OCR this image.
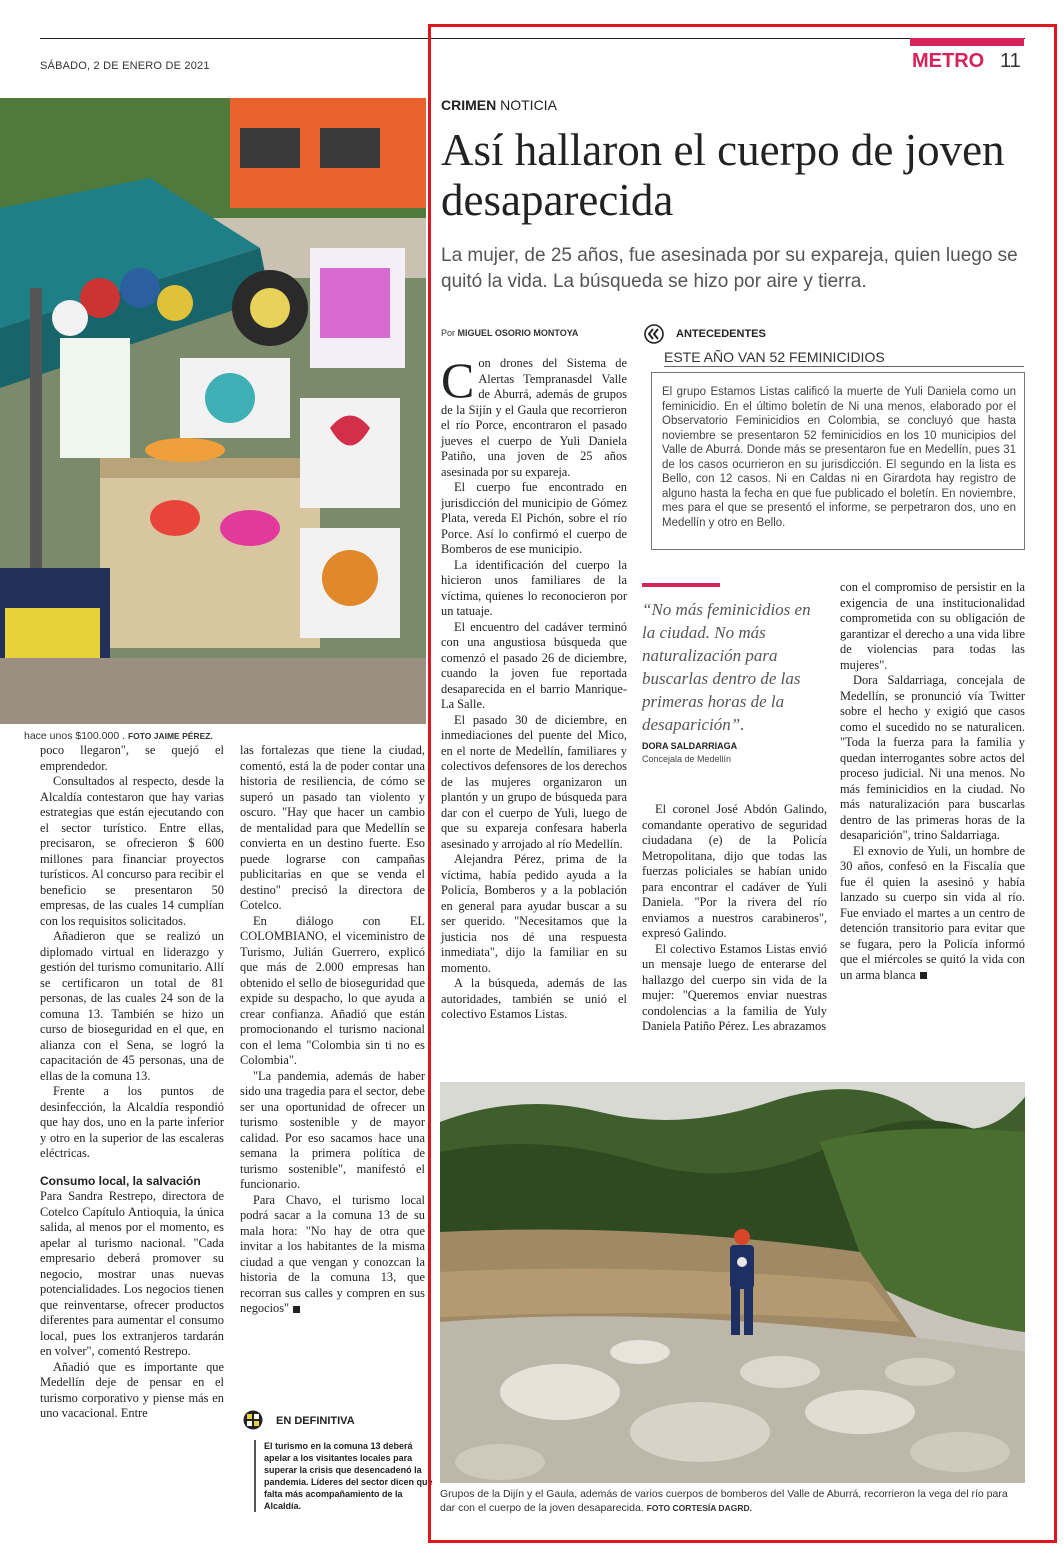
SÁBADO, 2 DE ENERO DE 2021	METRO 11
hace unos $100.000 . FOTO JAIME PÉREZ.

poco llegaron", se quejó el emprendedor.

Consultados al respecto, desde la Alcaldía contestaron que hay varias estrategias que están ejecutando con el sector turístico. Entre ellas, precisaron, se ofrecieron $ 600 millones para financiar proyectos turísticos. Al concurso para recibir el beneficio se presentaron 50 empresas, de las cuales 14 cumplían con los requisitos solicitados.

Añadieron que se realizó un diplomado virtual en liderazgo y gestión del turismo comunitario. Allí se certificaron un total de 81 personas, de las cuales 24 son de la comuna 13. También se hizo un curso de bioseguridad en el que, en alianza con el Sena, se logró la capacitación de 45 personas, una de ellas de la comuna 13.

Frente a los puntos de desinfección, la Alcaldía respondió que hay dos, uno en la parte inferior y otro en la superior de las escaleras eléctricas.

Consumo local, la salvación

Para Sandra Restrepo, directora de Cotelco Capítulo Antioquia, la única salida, al menos por el momento, es apelar al turismo nacional. "Cada empresario deberá promover su negocio, mostrar unas nuevas potencialidades. Los negocios tienen que reinventarse, ofrecer productos diferentes para aumentar el consumo local, pues los extranjeros tardarán en volver", comentó Restrepo.

Añadió que es importante que Medellín deje de pensar en el turismo corporativo y piense más en uno vacacional. Entre

las fortalezas que tiene la ciudad, comentó, está la de poder contar una historia de resiliencia, de cómo se superó un pasado tan violento y oscuro. "Hay que hacer un cambio de mentalidad para que Medellín se convierta en un destino fuerte. Eso puede lograrse con campañas publicitarias en que se venda el destino" precisó la directora de Cotelco.

En diálogo con EL COLOMBIANO, el viceministro de Turismo, Julián Guerrero, explicó que más de 2.000 empresas han obtenido el sello de bioseguridad que expide su despacho, lo que ayuda a crear confianza. Añadió que están promocionando el turismo nacional con el lema "Colombia sin ti no es Colombia".

"La pandemia, además de haber sido una tragedia para el sector, debe ser una oportunidad de ofrecer un turismo sostenible y de mayor calidad. Por eso sacamos hace una semana la primera política de turismo sostenible", manifestó el funcionario.

Para Chavo, el turismo local podrá sacar a la comuna 13 de su mala hora: "No hay de otra que invitar a los habitantes de la misma ciudad a que vengan y conozcan la historia de la comuna 13, que recorran sus calles y compren en sus negocios"

EN DEFINITIVA
El turismo en la comuna 13 deberá apelar a los visitantes locales para superar la crisis que desencadenó la pandemia. Líderes del sector dicen que falta más acompañamiento de la Alcaldía.
CRIMEN NOTICIA
Así hallaron el cuerpo de joven desaparecida
La mujer, de 25 años, fue asesinada por su expareja, quien luego se quitó la vida. La búsqueda se hizo por aire y tierra.
Por MIGUEL OSORIO MONTOYA

Con drones del Sistema de Alertas Tempranasdel Valle de Aburrá, además de grupos de la Sijín y el Gaula que recorrieron el río Porce, encontraron el pasado jueves el cuerpo de Yuli Daniela Patiño, una joven de 25 años asesinada por su expareja.

El cuerpo fue encontrado en jurisdicción del municipio de Gómez Plata, vereda El Pichón, sobre el río Porce. Así lo confirmó el cuerpo de Bomberos de ese municipio.

La identificación del cuerpo la hicieron unos familiares de la víctima, quienes lo reconocieron por un tatuaje.

El encuentro del cadáver terminó con una angustiosa búsqueda que comenzó el pasado 26 de diciembre, cuando la joven fue reportada desaparecida en el barrio Manrique-La Salle.

El pasado 30 de diciembre, en inmediaciones del puente del Mico, en el norte de Medellín, familiares y colectivos defensores de los derechos de las mujeres organizaron un plantón y un grupo de búsqueda para dar con el cuerpo de Yuli, luego de que su expareja confesara haberla asesinado y arrojado al río Medellín.

Alejandra Pérez, prima de la víctima, había pedido ayuda a la Policía, Bomberos y a la población en general para ayudar buscar a su ser querido. "Necesitamos que la justicia nos dé una respuesta inmediata", dijo la familiar en su momento.

A la búsqueda, además de las autoridades, también se unió el colectivo Estamos Listas.

ANTECEDENTES
ESTE AÑO VAN 52 FEMINICIDIOS
El grupo Estamos Listas calificó la muerte de Yuli Daniela como un feminicidio. En el último boletín de Ni una menos, elaborado por el Observatorio Feminicidios en Colombia, se concluyó que hasta noviembre se presentaron 52 feminicidios en los 10 municipios del Valle de Aburrá. Donde más se presentaron fue en Medellín, pues 31 de los casos ocurrieron en su jurisdicción. El segundo en la lista es Bello, con 12 casos. Ni en Caldas ni en Girardota hay registro de alguno hasta la fecha en que fue publicado el boletín. En noviembre, mes para el que se presentó el informe, se perpetraron dos, uno en Medellín y otro en Bello.
“No más feminicidios en la ciudad. No más naturalización para buscarlas dentro de las primeras horas de la desaparición”.
DORA SALDARRIAGA
Concejala de Medellín

El coronel José Abdón Galindo, comandante operativo de seguridad ciudadana (e) de la Policía Metropolitana, dijo que todas las fuerzas policiales se habían unido para encontrar el cadáver de Yuli Daniela. "Por la rivera del río enviamos a nuestros carabineros", expresó Galindo.

El colectivo Estamos Listas envió un mensaje luego de enterarse del hallazgo del cuerpo sin vida de la mujer: "Queremos enviar nuestras condolencias a la familia de Yuly Daniela Patiño Pérez. Les abrazamos

con el compromiso de persistir en la exigencia de una institucionalidad comprometida con su obligación de garantizar el derecho a una vida libre de violencias para todas las mujeres".

Dora Saldarriaga, concejala de Medellín, se pronunció vía Twitter sobre el hecho y exigió que casos como el sucedido no se naturalicen. "Toda la fuerza para la familia y quedan interrogantes sobre actos del proceso judicial. Ni una menos. No más feminicidios en la ciudad. No más naturalización para buscarlas dentro de las primeras horas de la desaparición", trino Saldarriaga.

El exnovio de Yuli, un hombre de 30 años, confesó en la Fiscalía que fue él quien la asesinó y había lanzado su cuerpo sin vida al río. Fue enviado el martes a un centro de detención transitorio para evitar que se fugara, pero la Policía informó que el miércoles se quitó la vida con un arma blanca

Grupos de la Dijín y el Gaula, además de varios cuerpos de bomberos del Valle de Aburrá, recorrieron la vega del río para dar con el cuerpo de la joven desaparecida. FOTO CORTESÍA DAGRD.
